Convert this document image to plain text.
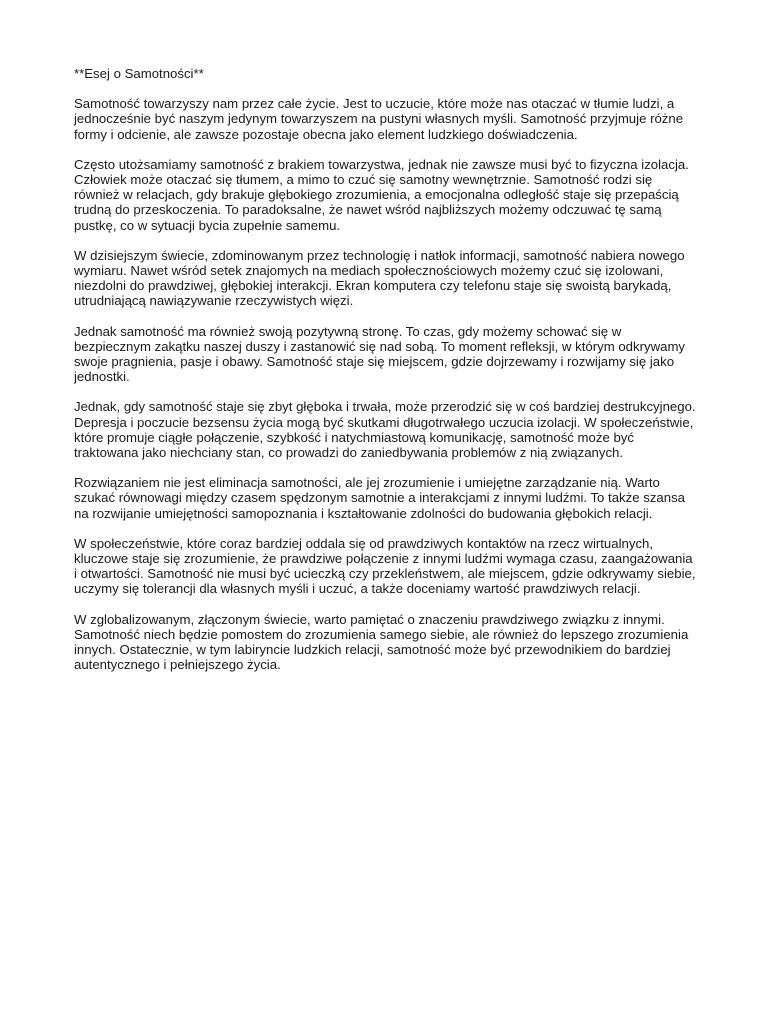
**Esej o Samotności**

Samotność towarzyszy nam przez całe życie. Jest to uczucie, które może nas otaczać w tłumie ludzi, a jednocześnie być naszym jedynym towarzyszem na pustyni własnych myśli. Samotność przyjmuje różne formy i odcienie, ale zawsze pozostaje obecna jako element ludzkiego doświadczenia.

Często utożsamiamy samotność z brakiem towarzystwa, jednak nie zawsze musi być to fizyczna izolacja. Człowiek może otaczać się tłumem, a mimo to czuć się samotny wewnętrznie. Samotność rodzi się również w relacjach, gdy brakuje głębokiego zrozumienia, a emocjonalna odległość staje się przepaścią trudną do przeskoczenia. To paradoksalne, że nawet wśród najbliższych możemy odczuwać tę samą pustkę, co w sytuacji bycia zupełnie samemu.

W dzisiejszym świecie, zdominowanym przez technologię i natłok informacji, samotność nabiera nowego wymiaru. Nawet wśród setek znajomych na mediach społecznościowych możemy czuć się izolowani, niezdolni do prawdziwej, głębokiej interakcji. Ekran komputera czy telefonu staje się swoistą barykadą, utrudniającą nawiązywanie rzeczywistych więzi.

Jednak samotność ma również swoją pozytywną stronę. To czas, gdy możemy schować się w bezpiecznym zakątku naszej duszy i zastanowić się nad sobą. To moment refleksji, w którym odkrywamy swoje pragnienia, pasje i obawy. Samotność staje się miejscem, gdzie dojrzewamy i rozwijamy się jako jednostki.

Jednak, gdy samotność staje się zbyt głęboka i trwała, może przerodzić się w coś bardziej destrukcyjnego. Depresja i poczucie bezsensu życia mogą być skutkami długotrwałego uczucia izolacji. W społeczeństwie, które promuje ciągłe połączenie, szybkość i natychmiastową komunikację, samotność może być traktowana jako niechciany stan, co prowadzi do zaniedbywania problemów z nią związanych.

Rozwiązaniem nie jest eliminacja samotności, ale jej zrozumienie i umiejętne zarządzanie nią. Warto szukać równowagi między czasem spędzonym samotnie a interakcjami z innymi ludźmi. To także szansa na rozwijanie umiejętności samopoznania i kształtowanie zdolności do budowania głębokich relacji.

W społeczeństwie, które coraz bardziej oddala się od prawdziwych kontaktów na rzecz wirtualnych, kluczowe staje się zrozumienie, że prawdziwe połączenie z innymi ludźmi wymaga czasu, zaangażowania i otwartości. Samotność nie musi być ucieczką czy przekleństwem, ale miejscem, gdzie odkrywamy siebie, uczymy się tolerancji dla własnych myśli i uczuć, a także doceniamy wartość prawdziwych relacji.

W zglobalizowanym, złączonym świecie, warto pamiętać o znaczeniu prawdziwego związku z innymi. Samotność niech będzie pomostem do zrozumienia samego siebie, ale również do lepszego zrozumienia innych. Ostatecznie, w tym labiryncie ludzkich relacji, samotność może być przewodnikiem do bardziej autentycznego i pełniejszego życia.
